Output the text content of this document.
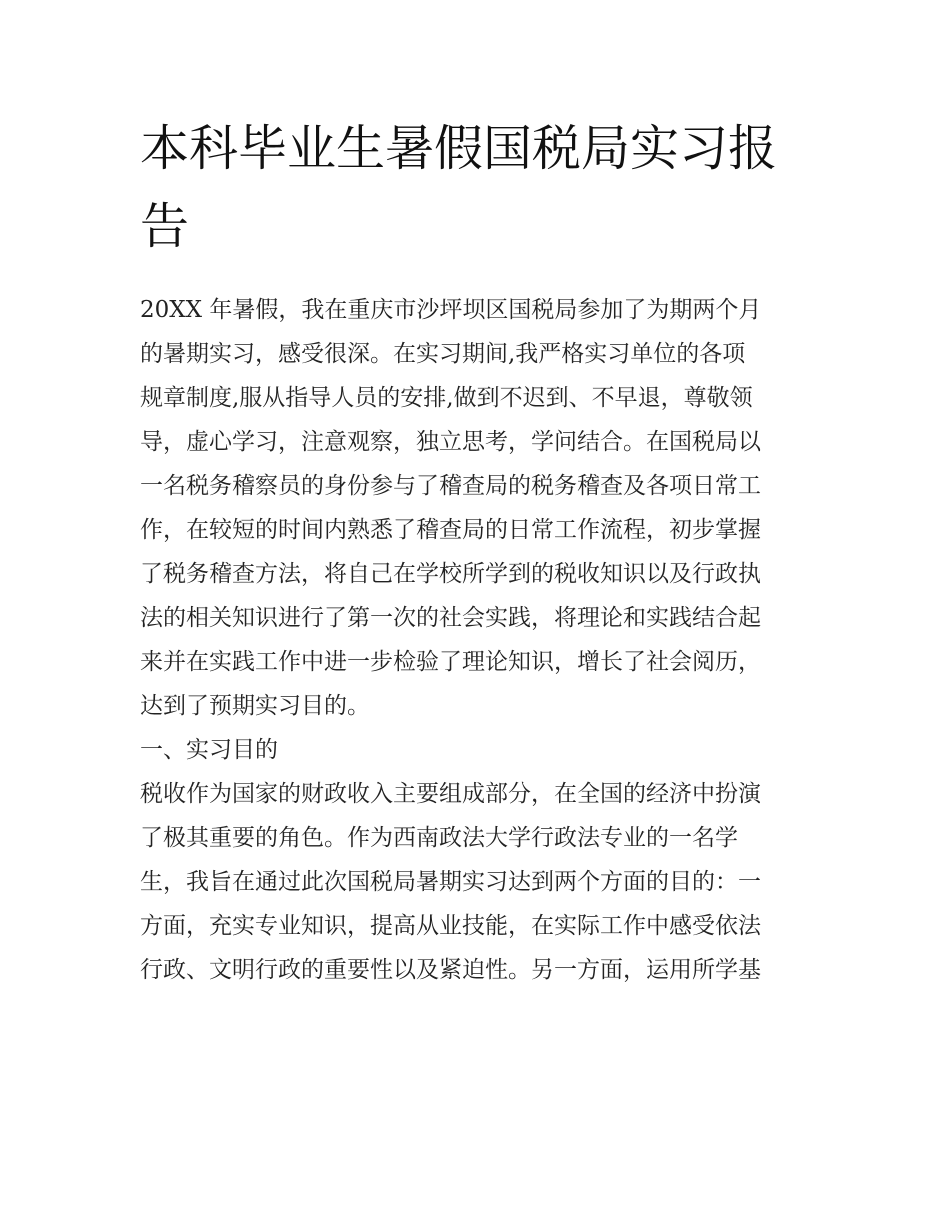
本科毕业生暑假国税局实习报
告

20XX 年暑假，我在重庆市沙坪坝区国税局参加了为期两个月
的暑期实习，感受很深。在实习期间,我严格实习单位的各项
规章制度,服从指导人员的安排,做到不迟到、不早退，尊敬领
导，虚心学习，注意观察，独立思考，学问结合。在国税局以
一名税务稽察员的身份参与了稽查局的税务稽查及各项日常工
作，在较短的时间内熟悉了稽查局的日常工作流程，初步掌握
了税务稽查方法，将自己在学校所学到的税收知识以及行政执
法的相关知识进行了第一次的社会实践，将理论和实践结合起
来并在实践工作中进一步检验了理论知识，增长了社会阅历，
达到了预期实习目的。

一、实习目的

税收作为国家的财政收入主要组成部分，在全国的经济中扮演
了极其重要的角色。作为西南政法大学行政法专业的一名学
生，我旨在通过此次国税局暑期实习达到两个方面的目的：一
方面，充实专业知识，提高从业技能，在实际工作中感受依法
行政、文明行政的重要性以及紧迫性。另一方面，运用所学基
